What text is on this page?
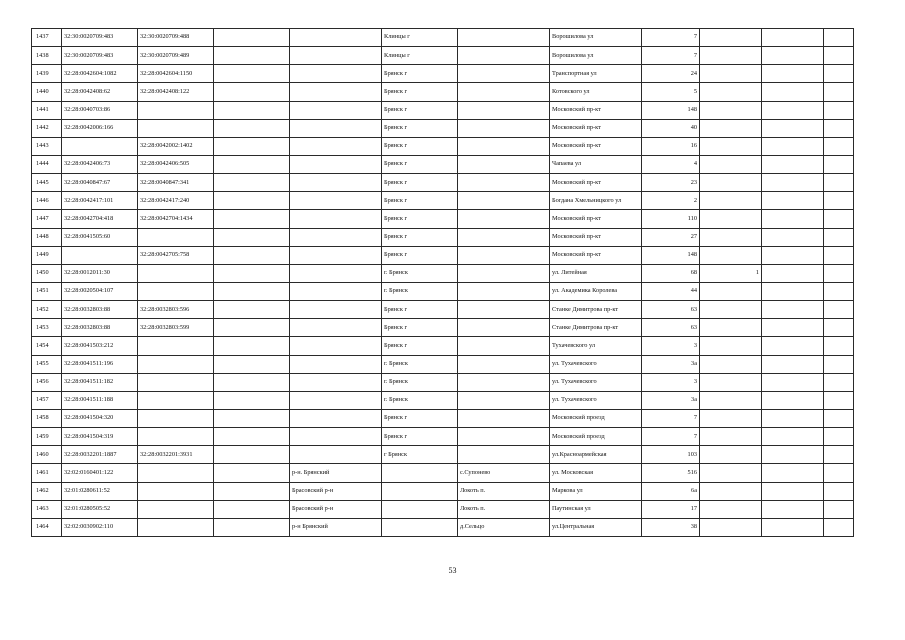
1437	32:30:0020709:483	32:30:0020709:488			Клинцы г		Ворошилова ул	7			
1438	32:30:0020709:483	32:30:0020709:489			Клинцы г		Ворошилова ул	7			
1439	32:28:0042604:1082	32:28:0042604:1150			Брянск г		Транспортная ул	24			
1440	32:28:0042408:62	32:28:0042408:122			Брянск г		Котовского ул	5			
1441	32:28:0040703:86				Брянск г		Московский пр-кт	148			
1442	32:28:0042006:166				Брянск г		Московский пр-кт	40			
1443		32:28:0042002:1402			Брянск г		Московский пр-кт	16			
1444	32:28:0042406:73	32:28:0042406:505			Брянск г		Чапаева ул	4			
1445	32:28:0040847:67	32:28:0040847:341			Брянск г		Московский пр-кт	23			
1446	32:28:0042417:101	32:28:0042417:240			Брянск г		Богдана Хмельницкого ул	2			
1447	32:28:0042704:418	32:28:0042704:1434			Брянск г		Московский пр-кт	110			
1448	32:28:0041505:60				Брянск г		Московский пр-кт	27			
1449		32:28:0042705:758			Брянск г		Московский пр-кт	148			
1450	32:28:0012011:30				г. Брянск		ул. Литейная	68	1		
1451	32:28:0020504:107				г. Брянск		ул. Академика Королева	44			
1452	32:28:0032803:88	32:28:0032803:596			Брянск г		Станке Димитрова пр-кт	63			
1453	32:28:0032803:88	32:28:0032803:599			Брянск г		Станке Димитрова пр-кт	63			
1454	32:28:0041503:212				Брянск г		Тухачевского ул	3			
1455	32:28:0041511:196				г. Брянск		ул. Тухачевского	3а			
1456	32:28:0041511:182				г. Брянск		ул. Тухачевского	3			
1457	32:28:0041511:188				г. Брянск		ул. Тухачевского	3а			
1458	32:28:0041504:320				Брянск г		Московский проезд	7			
1459	32:28:0041504:319				Брянск г		Московский проезд	7			
1460	32:28:0032201:1887	32:28:0032201:3931			г Брянск		ул.Красноармейская	103			
1461	32:02:0160401:122			р-н. Брянский		с.Супонево	ул. Московская	516			
1462	32:01:0280611:52			Брасовский р-н		Локоть п.	Маркова ул	6а			
1463	32:01:0280505:52			Брасовский р-н		Локоть п.	Паутинская ул	17			
1464	32:02:0030902:110			р-н Брянский		д.Сельцо	ул.Центральная	38			
53
